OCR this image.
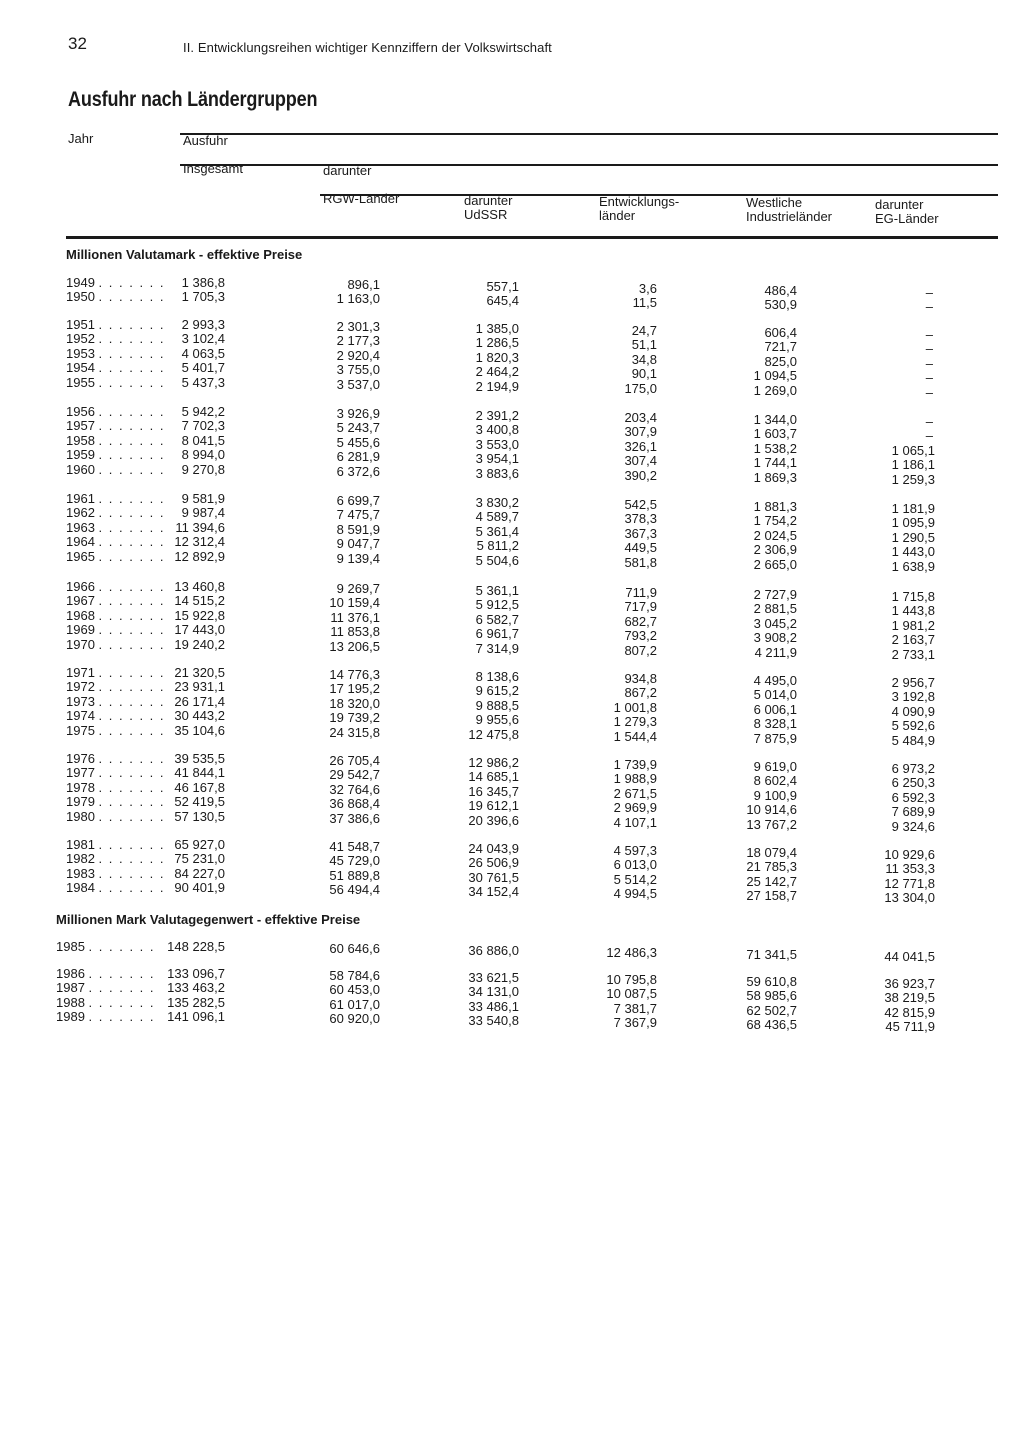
32	II. Entwicklungsreihen wichtiger Kennziffern der Volkswirtschaft
Ausfuhr nach Ländergruppen
Jahr	Ausfuhr
Insgesamt	darunter
RGW-Länder	darunter
UdSSR
Entwicklungs-
länder
Westliche
Industrieländer
darunter
EG-Länder
Millionen Valutamark - effektive Preise
Millionen Mark Valutagegenwert - effektive Preise
1949 . . . . . . .	1 386,8	896,1	557,1	3,6	486,4	–
1950 . . . . . . .	1 705,3	1 163,0	645,4	11,5	530,9	–
1951 . . . . . . .	2 993,3	2 301,3	1 385,0	24,7	606,4	–
1952 . . . . . . .	3 102,4	2 177,3	1 286,5	51,1	721,7	–
1953 . . . . . . .	4 063,5	2 920,4	1 820,3	34,8	825,0	–
1954 . . . . . . .	5 401,7	3 755,0	2 464,2	90,1	1 094,5	–
1955 . . . . . . .	5 437,3	3 537,0	2 194,9	175,0	1 269,0	–
1956 . . . . . . .	5 942,2	3 926,9	2 391,2	203,4	1 344,0	–
1957 . . . . . . .	7 702,3	5 243,7	3 400,8	307,9	1 603,7	–
1958 . . . . . . .	8 041,5	5 455,6	3 553,0	326,1	1 538,2	1 065,1
1959 . . . . . . .	8 994,0	6 281,9	3 954,1	307,4	1 744,1	1 186,1
1960 . . . . . . .	9 270,8	6 372,6	3 883,6	390,2	1 869,3	1 259,3
1961 . . . . . . .	9 581,9	6 699,7	3 830,2	542,5	1 881,3	1 181,9
1962 . . . . . . .	9 987,4	7 475,7	4 589,7	378,3	1 754,2	1 095,9
1963 . . . . . . . 11 394,6	8 591,9	5 361,4	367,3	2 024,5	1 290,5
1964 . . . . . . . 12 312,4	9 047,7	5 811,2	449,5	2 306,9	1 443,0
1965 . . . . . . . 12 892,9	9 139,4	5 504,6	581,8	2 665,0	1 638,9
1966 . . . . . . . 13 460,8	9 269,7	5 361,1	711,9	2 727,9	1 715,8
1967 . . . . . . . 14 515,2	10 159,4	5 912,5	717,9	2 881,5	1 443,8
1968 . . . . . . . 15 922,8	11 376,1	6 582,7	682,7	3 045,2	1 981,2
1969 . . . . . . . 17 443,0	11 853,8	6 961,7	793,2	3 908,2	2 163,7
1970 . . . . . . . 19 240,2	13 206,5	7 314,9	807,2	4 211,9	2 733,1
1971 . . . . . . . 21 320,5	14 776,3	8 138,6	934,8	4 495,0	2 956,7
1972 . . . . . . . 23 931,1	17 195,2	9 615,2	867,2	5 014,0	3 192,8
1973 . . . . . . . 26 171,4	18 320,0	9 888,5	1 001,8	6 006,1	4 090,9
1974 . . . . . . . 30 443,2	19 739,2	9 955,6	1 279,3	8 328,1	5 592,6
1975 . . . . . . . 35 104,6	24 315,8	12 475,8	1 544,4	7 875,9	5 484,9
1976 . . . . . . . 39 535,5	26 705,4	12 986,2	1 739,9	9 619,0	6 973,2
1977 . . . . . . . 41 844,1	29 542,7	14 685,1	1 988,9	8 602,4	6 250,3
1978 . . . . . . . 46 167,8	32 764,6	16 345,7	2 671,5	9 100,9	6 592,3
1979 . . . . . . . 52 419,5	36 868,4	19 612,1	2 969,9	10 914,6	7 689,9
1980 . . . . . . . 57 130,5	37 386,6	20 396,6	4 107,1	13 767,2	9 324,6
1981 . . . . . . . 65 927,0	41 548,7	24 043,9	4 597,3	18 079,4	10 929,6
1982 . . . . . . . 75 231,0	45 729,0	26 506,9	6 013,0	21 785,3	11 353,3
1983 . . . . . . . 84 227,0	51 889,8	30 761,5	5 514,2	25 142,7	12 771,8
1984 . . . . . . . 90 401,9	56 494,4	34 152,4	4 994,5	27 158,7	13 304,0
1985 . . . . . . . 148 228,5	60 646,6	36 886,0	12 486,3	71 341,5	44 041,5
1986 . . . . . . . 133 096,7	58 784,6	33 621,5	10 795,8	59 610,8	36 923,7
1987 . . . . . . . 133 463,2	60 453,0	34 131,0	10 087,5	58 985,6	38 219,5
1988 . . . . . . . 135 282,5	61 017,0	33 486,1	7 381,7	62 502,7	42 815,9
1989 . . . . . . . 141 096,1	60 920,0	33 540,8	7 367,9	68 436,5	45 711,9
